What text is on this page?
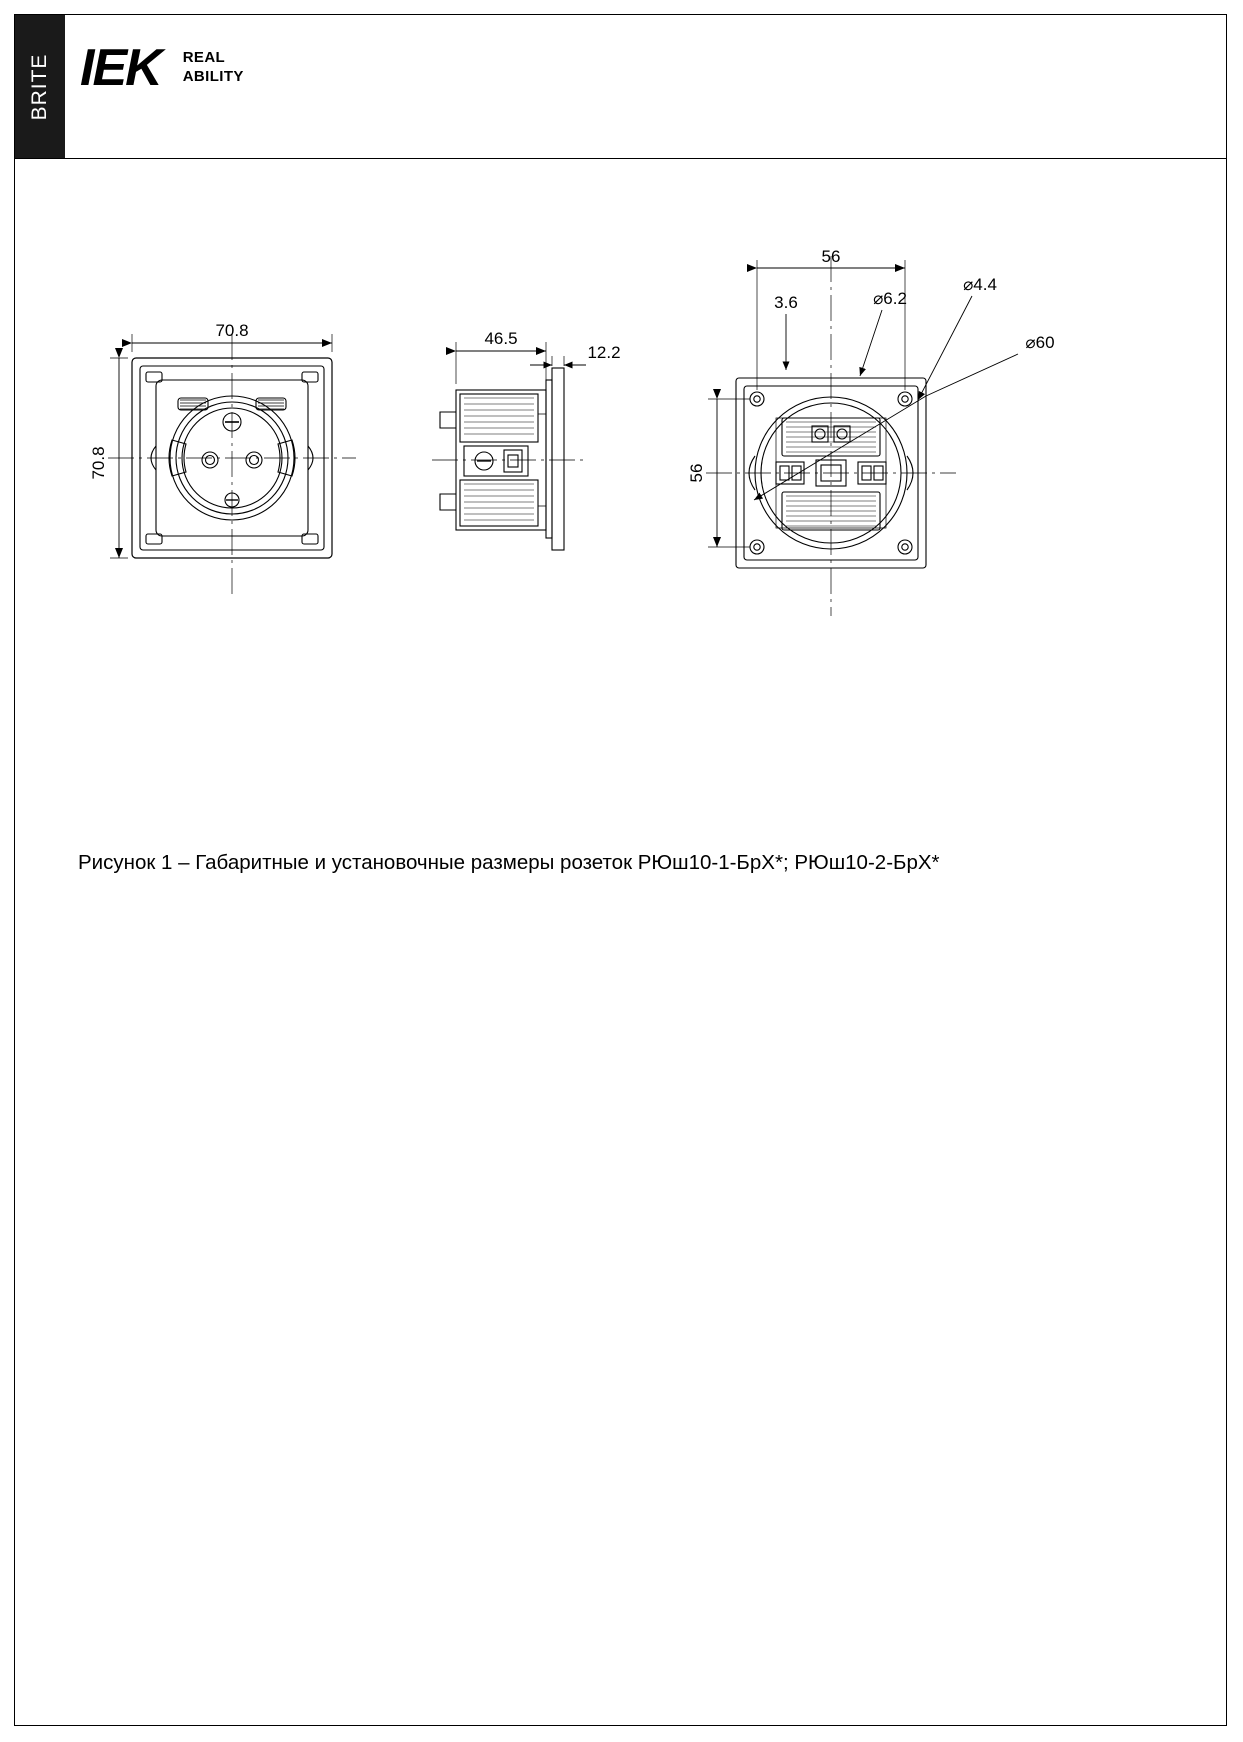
BRITE IEK REAL
ABILITY
70.8
70.8
46.5
12.2
56
56
3.6	⌀6.2
⌀4.4
⌀60
Рисунок 1 – Габаритные и установочные размеры розеток РЮш10-1-БрХ*; РЮш10-2-БрХ*
